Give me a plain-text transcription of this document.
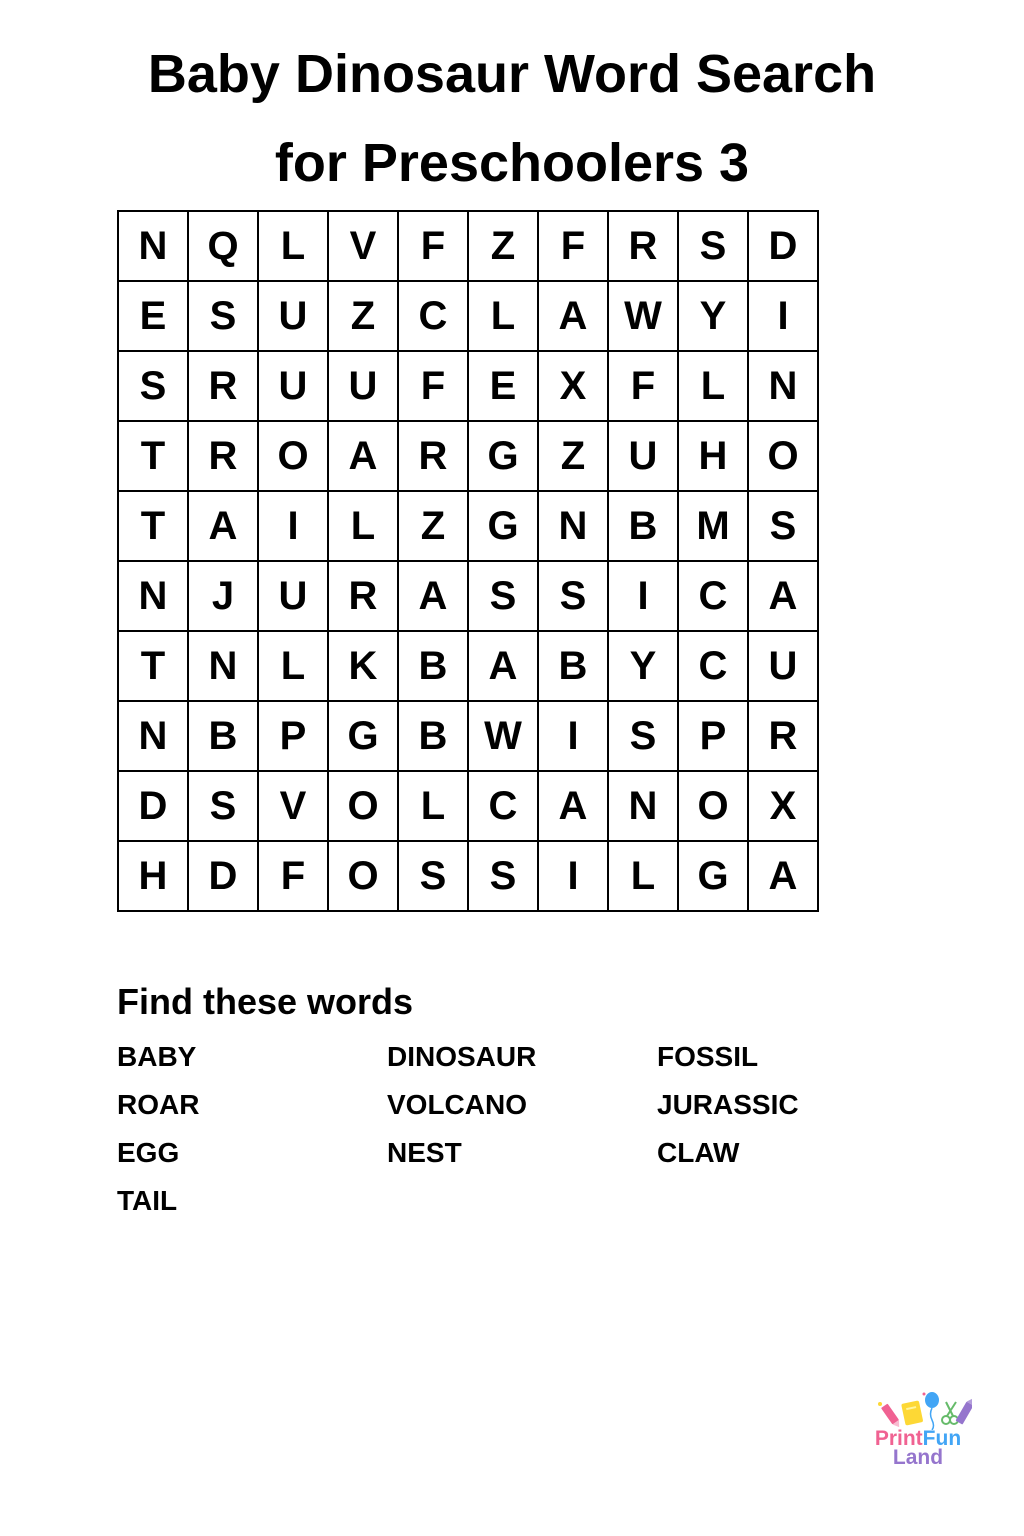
Baby Dinosaur Word Search
for Preschoolers 3
N	Q	L	V	F	Z	F	R	S	D
E	S	U	Z	C	L	A	W	Y	I
S	R	U	U	F	E	X	F	L	N
T	R	O	A	R	G	Z	U	H	O
T	A	I	L	Z	G	N	B	M	S
N	J	U	R	A	S	S	I	C	A
T	N	L	K	B	A	B	Y	C	U
N	B	P	G	B	W	I	S	P	R
D	S	V	O	L	C	A	N	O	X
H	D	F	O	S	S	I	L	G	A
Find these words
BABY	DINOSAUR	FOSSIL
ROAR	VOLCANO	JURASSIC
EGG	NEST	CLAW
TAIL
PrintFun
Land
